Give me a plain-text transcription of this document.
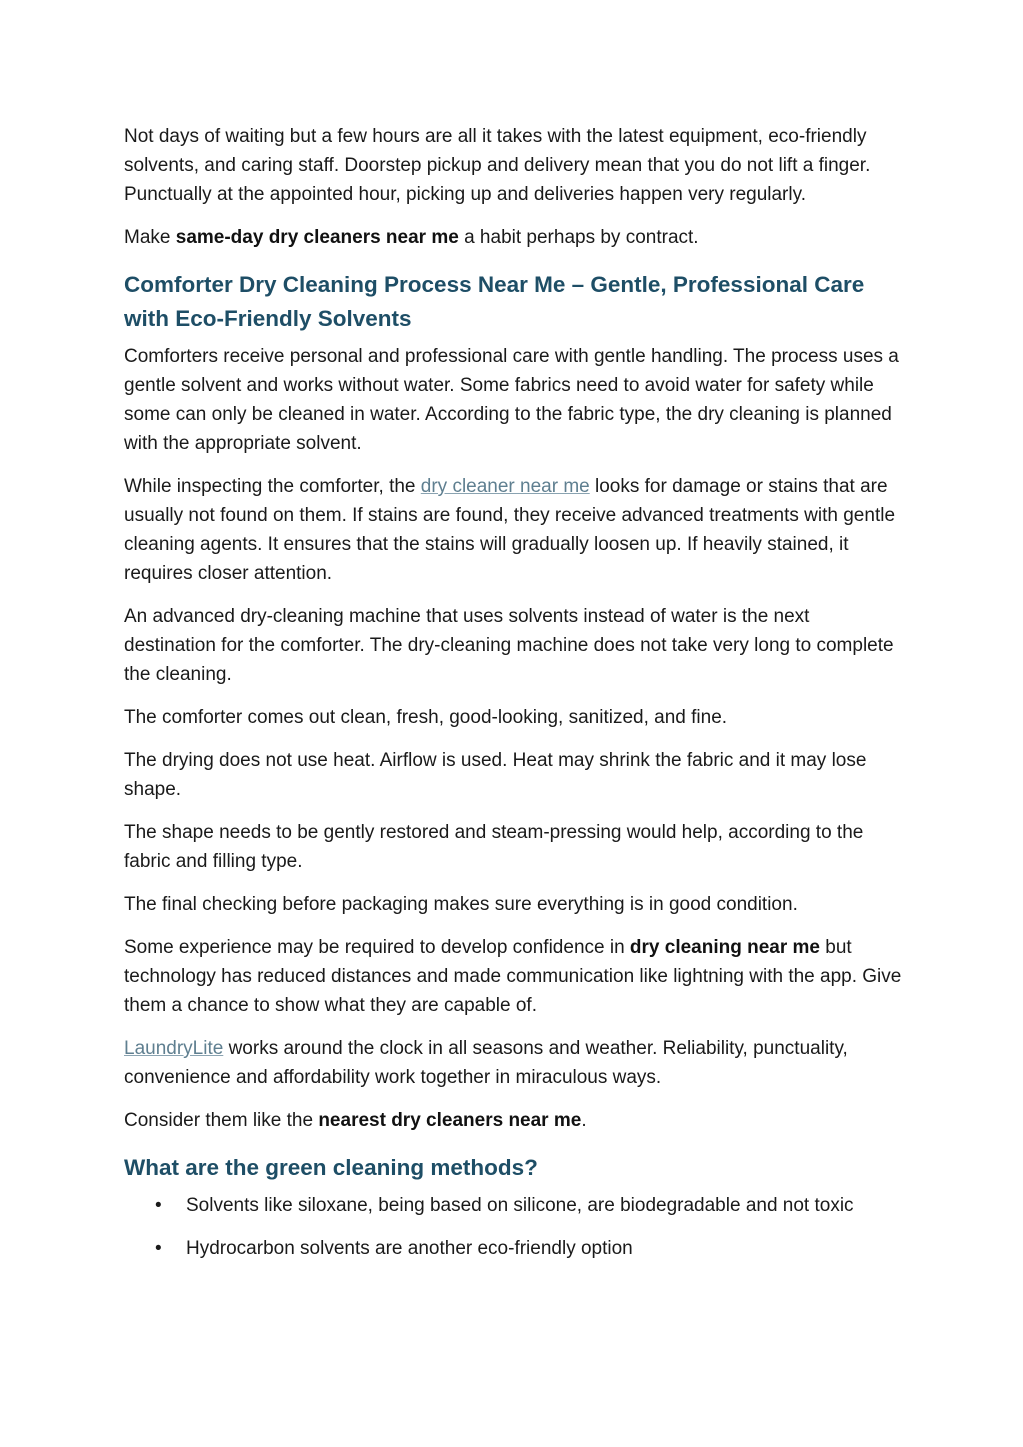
Not days of waiting but a few hours are all it takes with the latest equipment, eco-friendly solvents, and caring staff. Doorstep pickup and delivery mean that you do not lift a finger. Punctually at the appointed hour, picking up and deliveries happen very regularly.

Make same-day dry cleaners near me a habit perhaps by contract.

Comforter Dry Cleaning Process Near Me – Gentle, Professional Care with Eco-Friendly Solvents

Comforters receive personal and professional care with gentle handling. The process uses a gentle solvent and works without water. Some fabrics need to avoid water for safety while some can only be cleaned in water. According to the fabric type, the dry cleaning is planned with the appropriate solvent.

While inspecting the comforter, the dry cleaner near me looks for damage or stains that are usually not found on them. If stains are found, they receive advanced treatments with gentle cleaning agents. It ensures that the stains will gradually loosen up. If heavily stained, it requires closer attention.

An advanced dry-cleaning machine that uses solvents instead of water is the next destination for the comforter. The dry-cleaning machine does not take very long to complete the cleaning.

The comforter comes out clean, fresh, good-looking, sanitized, and fine.

The drying does not use heat. Airflow is used. Heat may shrink the fabric and it may lose shape.

The shape needs to be gently restored and steam-pressing would help, according to the fabric and filling type.

The final checking before packaging makes sure everything is in good condition.

Some experience may be required to develop confidence in dry cleaning near me but technology has reduced distances and made communication like lightning with the app. Give them a chance to show what they are capable of.

LaundryLite works around the clock in all seasons and weather. Reliability, punctuality, convenience and affordability work together in miraculous ways.

Consider them like the nearest dry cleaners near me.

What are the green cleaning methods?
• Solvents like siloxane, being based on silicone, are biodegradable and not toxic
• Hydrocarbon solvents are another eco-friendly option
